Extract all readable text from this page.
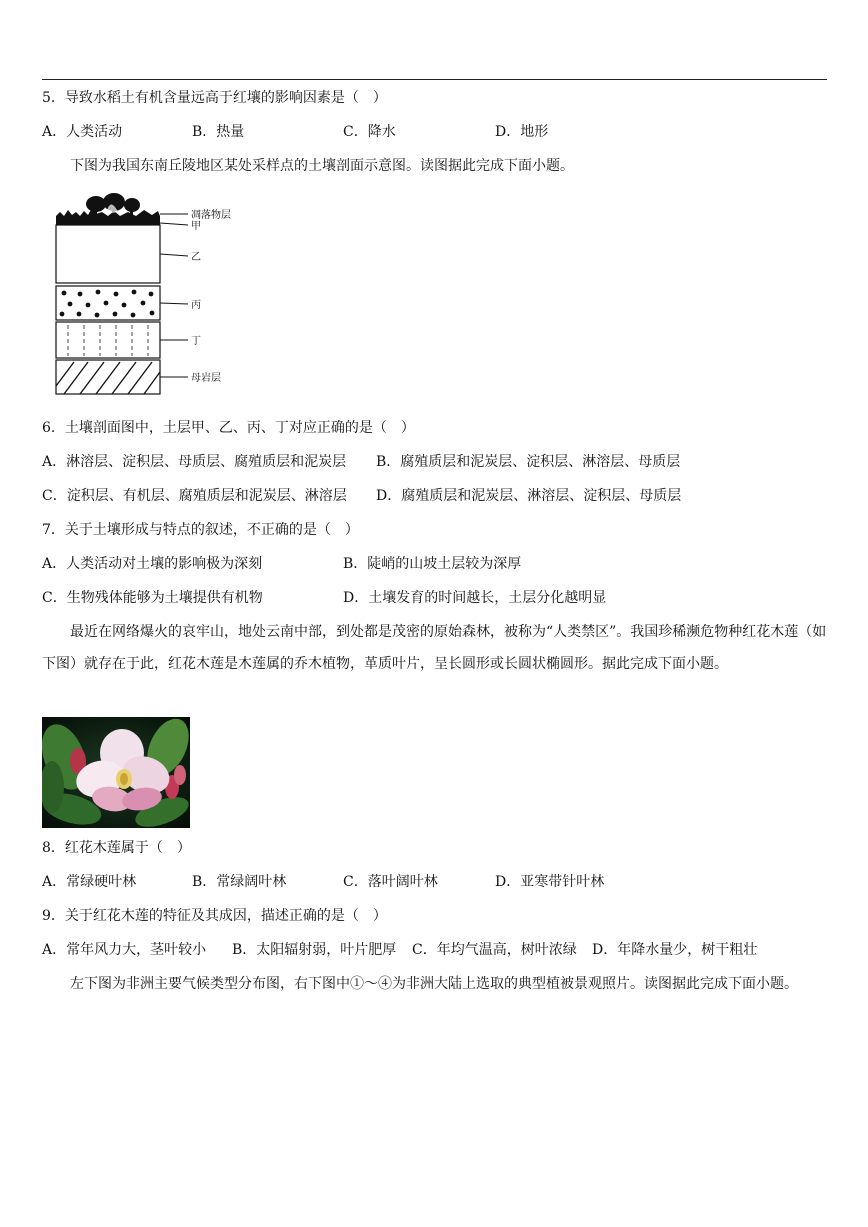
5．导致水稻土有机含量远高于红壤的影响因素是（　）
A．人类活动	B．热量	C．降水	D．地形
下图为我国东南丘陵地区某处采样点的土壤剖面示意图。读图据此完成下面小题。
凋落物层
甲
乙
丙
丁
母岩层
6．土壤剖面图中，土层甲、乙、丙、丁对应正确的是（　）
A．淋溶层、淀积层、母质层、腐殖质层和泥炭层 B．腐殖质层和泥炭层、淀积层、淋溶层、母质层
C．淀积层、有机层、腐殖质层和泥炭层、淋溶层 D．腐殖质层和泥炭层、淋溶层、淀积层、母质层
7．关于土壤形成与特点的叙述，不正确的是（　）
A．人类活动对土壤的影响极为深刻	B．陡峭的山坡土层较为深厚
C．生物残体能够为土壤提供有机物	D．土壤发育的时间越长，土层分化越明显
最近在网络爆火的哀牢山，地处云南中部，到处都是茂密的原始森林，被称为“人类禁区”。我国珍稀濒危物种红花木莲（如下图）就存在于此，红花木莲是木莲属的乔木植物，革质叶片，呈长圆形或长圆状椭圆形。据此完成下面小题。
8．红花木莲属于（　）
A．常绿硬叶林	B．常绿阔叶林	C．落叶阔叶林	D．亚寒带针叶林
9．关于红花木莲的特征及其成因，描述正确的是（　）
A．常年风力大，茎叶较小 B．太阳辐射弱，叶片肥厚 C．年均气温高，树叶浓绿 D．年降水量少，树干粗壮
左下图为非洲主要气候类型分布图，右下图中①～④为非洲大陆上选取的典型植被景观照片。读图据此完成下面小题。
